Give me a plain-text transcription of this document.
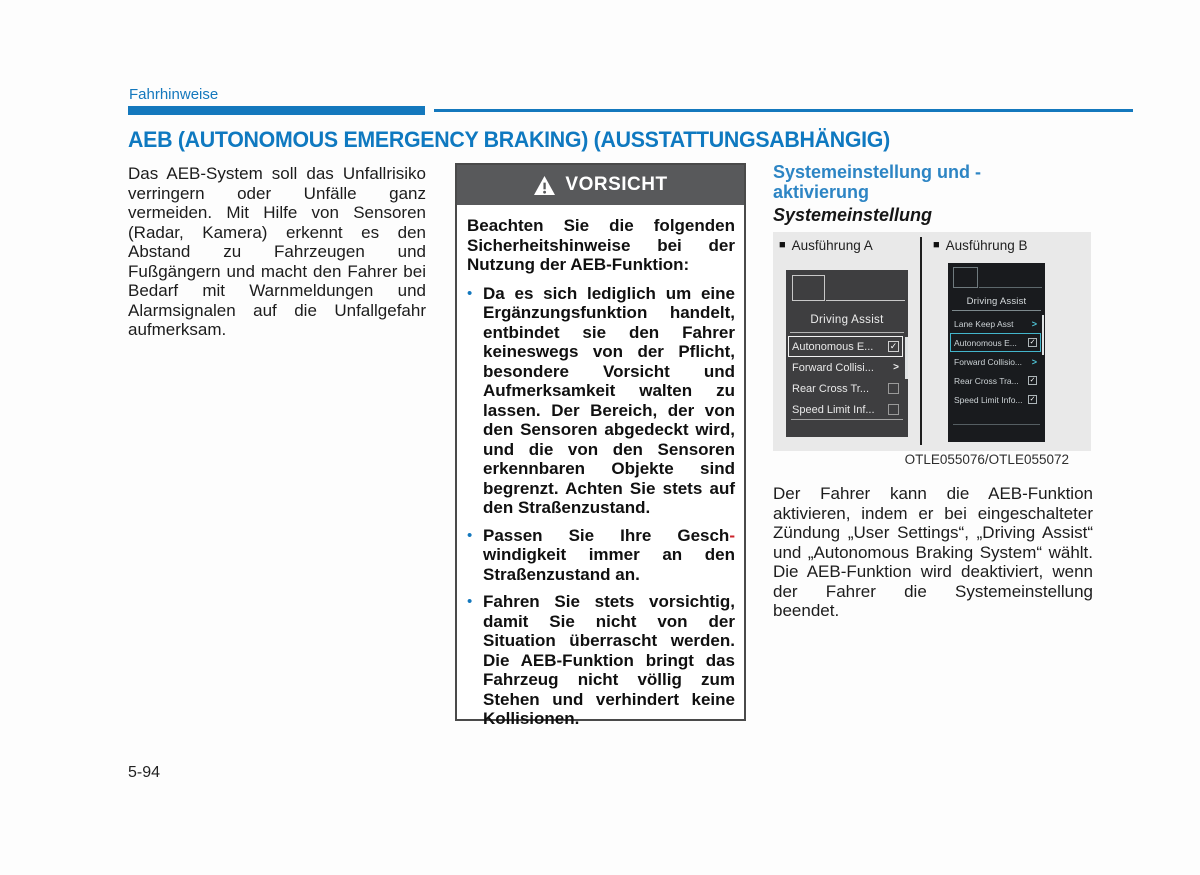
Fahrhinweise
AEB (AUTONOMOUS EMERGENCY BRAKING) (AUSSTATTUNGSABHÄNGIG)
Das AEB-System soll das Unfallrisiko verringern oder Unfälle ganz vermeiden. Mit Hilfe von Sensoren (Radar, Kamera) erkennt es den Abstand zu Fahrzeugen und Fußgängern und macht den Fahrer bei Bedarf mit Warnmeldungen und Alarmsignalen auf die Unfallgefahr aufmerksam.
VORSICHT
Beachten Sie die folgenden Sicherheitshinweise bei der Nutzung der AEB-Funktion:
• Da es sich lediglich um eine Ergänzungsfunktion handelt, entbindet sie den Fahrer keineswegs von der Pflicht, besondere Vorsicht und Aufmerksamkeit walten zu lassen. Der Bereich, der von den Sensoren abgedeckt wird, und die von den Sensoren erkennbaren Objekte sind begrenzt. Achten Sie stets auf den Straßenzustand.
• Passen Sie Ihre Gesch-windigkeit immer an den Straßenzustand an.
• Fahren Sie stets vorsichtig, damit Sie nicht von der Situation überrascht werden. Die AEB-Funktion bringt das Fahrzeug nicht völlig zum Stehen und verhindert keine Kollisionen.
Systemeinstellung und -
aktivierung
Systemeinstellung
■ Ausführung A	■ Ausführung B
Driving Assist
Autonomous E... ✓
Forward Collisi... >
Rear Cross Tr...
Speed Limit Inf...
Driving Assist
Lane Keep Asst >
Autonomous E... ✓
Forward Collisio... >
Rear Cross Tra... ✓
Speed Limit Info... ✓
OTLE055076/OTLE055072
Der Fahrer kann die AEB-Funktion aktivieren, indem er bei eingeschalteter Zündung „User Settings“, „Driving Assist“ und „Autonomous Braking System“ wählt. Die AEB-Funktion wird deaktiviert, wenn der Fahrer die Systemeinstellung beendet.
5-94
